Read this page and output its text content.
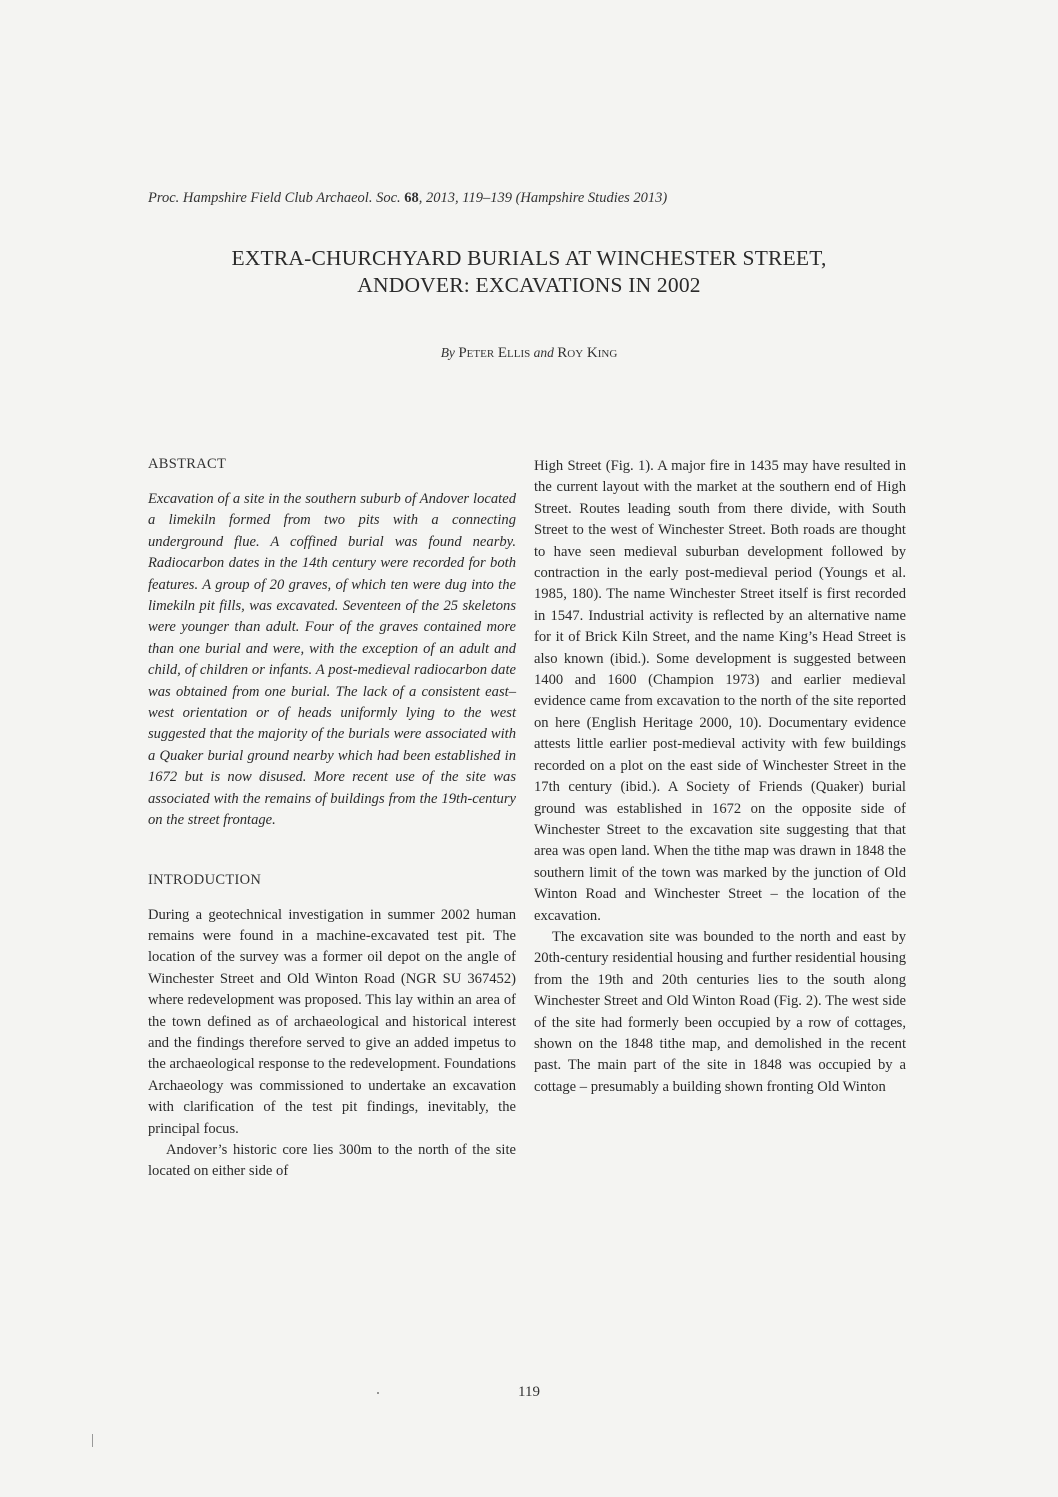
Proc. Hampshire Field Club Archaeol. Soc. 68, 2013, 119–139 (Hampshire Studies 2013)
EXTRA-CHURCHYARD BURIALS AT WINCHESTER STREET,
ANDOVER: EXCAVATIONS IN 2002
By Peter Ellis and Roy King
ABSTRACT

Excavation of a site in the southern suburb of Andover located a limekiln formed from two pits with a connecting underground flue. A coffined burial was found nearby. Radiocarbon dates in the 14th century were recorded for both features. A group of 20 graves, of which ten were dug into the limekiln pit fills, was excavated. Seventeen of the 25 skeletons were younger than adult. Four of the graves contained more than one burial and were, with the exception of an adult and child, of children or infants. A post-medieval radiocarbon date was obtained from one burial. The lack of a consistent east–west orientation or of heads uniformly lying to the west suggested that the majority of the burials were associated with a Quaker burial ground nearby which had been established in 1672 but is now disused. More recent use of the site was associated with the remains of buildings from the 19th-century on the street frontage.

INTRODUCTION

During a geotechnical investigation in summer 2002 human remains were found in a machine-excavated test pit. The location of the survey was a former oil depot on the angle of Winchester Street and Old Winton Road (NGR SU 367452) where redevelopment was proposed. This lay within an area of the town defined as of archaeological and historical interest and the findings therefore served to give an added impetus to the archaeological response to the redevelopment. Foundations Archaeology was commissioned to undertake an excavation with clarification of the test pit findings, inevitably, the principal focus.

Andover’s historic core lies 300m to the north of the site located on either side of

High Street (Fig. 1). A major fire in 1435 may have resulted in the current layout with the market at the southern end of High Street. Routes leading south from there divide, with South Street to the west of Winchester Street. Both roads are thought to have seen medieval suburban development followed by contraction in the early post-medieval period (Youngs et al. 1985, 180). The name Winchester Street itself is first recorded in 1547. Industrial activity is reflected by an alternative name for it of Brick Kiln Street, and the name King’s Head Street is also known (ibid.). Some development is suggested between 1400 and 1600 (Champion 1973) and earlier medieval evidence came from excavation to the north of the site reported on here (English Heritage 2000, 10). Documentary evidence attests little earlier post-medieval activity with few buildings recorded on a plot on the east side of Winchester Street in the 17th century (ibid.). A Society of Friends (Quaker) burial ground was established in 1672 on the opposite side of Winchester Street to the excavation site suggesting that that area was open land. When the tithe map was drawn in 1848 the southern limit of the town was marked by the junction of Old Winton Road and Winchester Street – the location of the excavation.

The excavation site was bounded to the north and east by 20th-century residential housing and further residential housing from the 19th and 20th centuries lies to the south along Winchester Street and Old Winton Road (Fig. 2). The west side of the site had formerly been occupied by a row of cottages, shown on the 1848 tithe map, and demolished in the recent past. The main part of the site in 1848 was occupied by a cottage – presumably a building shown fronting Old Winton

119
